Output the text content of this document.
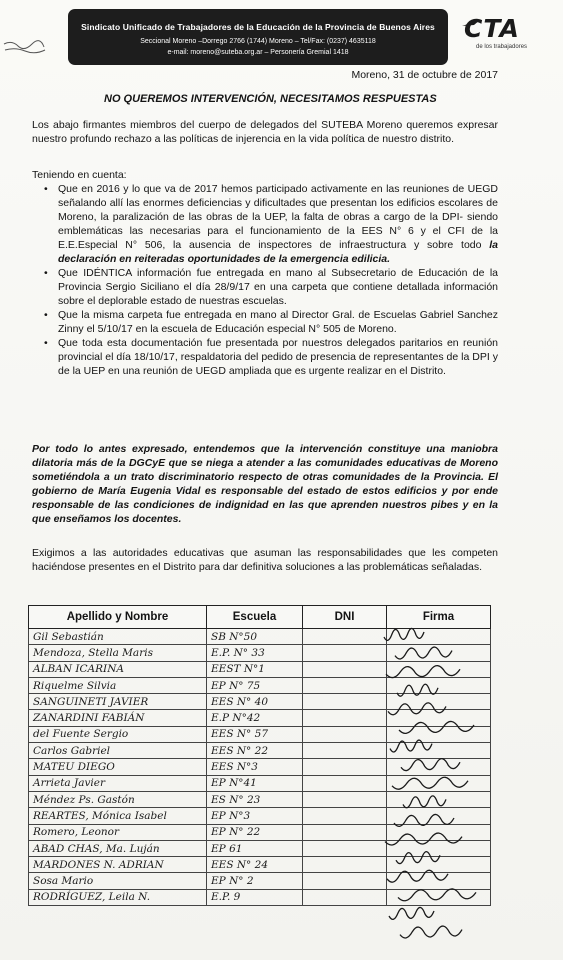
Sindicato Unificado de Trabajadores de la Educación de la Provincia de Buenos Aires
Seccional Moreno –Dorrego 2766 (1744) Moreno – Tel/Fax: (0237) 4635118
e-mail: moreno@suteba.org.ar – Personería Gremial 1418
CTA
de los trabajadores
Moreno, 31 de octubre de 2017
NO QUEREMOS INTERVENCIÓN, NECESITAMOS RESPUESTAS
Los abajo firmantes miembros del cuerpo de delegados del SUTEBA Moreno queremos expresar nuestro profundo rechazo a las políticas de injerencia en la vida política de nuestro distrito.
Teniendo en cuenta:
• Que en 2016 y lo que va de 2017 hemos participado activamente en las reuniones de UEGD señalando allí las enormes deficiencias y dificultades que presentan los edificios escolares de Moreno, la paralización de las obras de la UEP, la falta de obras a cargo de la DPI- siendo emblemáticas las necesarias para el funcionamiento de la EES N° 6 y el CFI de la E.E.Especial N° 506, la ausencia de inspectores de infraestructura y sobre todo la declaración en reiteradas oportunidades de la emergencia edilicia.
• Que IDÉNTICA información fue entregada en mano al Subsecretario de Educación de la Provincia Sergio Siciliano el día 28/9/17 en una carpeta que contiene detallada información sobre el deplorable estado de nuestras escuelas.
• Que la misma carpeta fue entregada en mano al Director Gral. de Escuelas Gabriel Sanchez Zinny el 5/10/17 en la escuela de Educación especial N° 505 de Moreno.
• Que toda esta documentación fue presentada por nuestros delegados paritarios en reunión provincial el día 18/10/17, respaldatoria del pedido de presencia de representantes de la DPI y de la UEP en una reunión de UEGD ampliada que es urgente realizar en el Distrito.
Por todo lo antes expresado, entendemos que la intervención constituye una maniobra dilatoria más de la DGCyE que se niega a atender a las comunidades educativas de Moreno sometiéndola a un trato discriminatorio respecto de otras comunidades de la Provincia. El gobierno de María Eugenia Vidal es responsable del estado de estos edificios y por ende responsable de las condiciones de indignidad en las que aprenden nuestros pibes y en la que enseñamos los docentes.
Exigimos a las autoridades educativas que asuman las responsabilidades que les competen haciéndose presentes en el Distrito para dar definitiva soluciones a las problemáticas señaladas.
Apellido y Nombre	Escuela	DNI	Firma
Gil Sebastián	SB N°50		
Mendoza, Stella Maris	E.P. N° 33		
ALBAN ICARINA	EEST N°1		
Riquelme Silvia	EP N° 75		
SANGUINETI JAVIER	EES N° 40		
ZANARDINI FABIÁN	E.P N°42		
del Fuente Sergio	EES N° 57		
Carlos Gabriel	EES N° 22		
MATEU DIEGO	EES N°3		
Arrieta Javier	EP N°41		
Méndez Ps. Gastón	ES N° 23		
REARTES, Mónica Isabel	EP N°3		
Romero, Leonor	EP N° 22		
ABAD CHAS, Ma. Luján	EP 61		
MARDONES N. ADRIAN	EES N° 24		
Sosa Mario	EP N° 2		
RODRÍGUEZ, Leila N.	E.P. 9		
